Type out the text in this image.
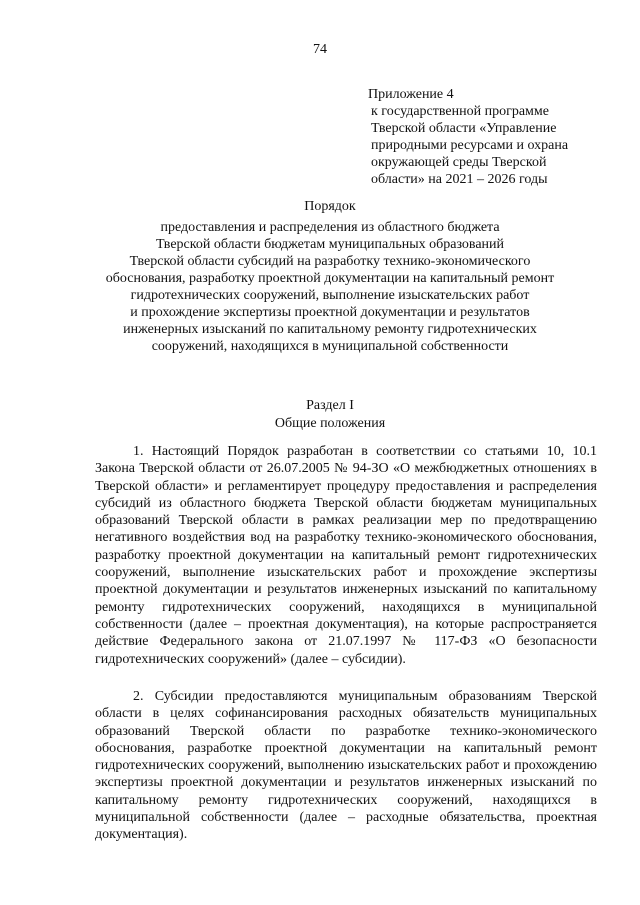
74
Приложение 4
к государственной программе
Тверской области «Управление
природными ресурсами и охрана
окружающей среды Тверской
области» на 2021 – 2026 годы
Порядок
предоставления и распределения из областного бюджета
Тверской области бюджетам муниципальных образований
Тверской области субсидий на разработку технико-экономического
обоснования, разработку проектной документации на капитальный ремонт
гидротехнических сооружений, выполнение изыскательских работ
и прохождение экспертизы проектной документации и результатов
инженерных изысканий по капитальному ремонту гидротехнических
сооружений, находящихся в муниципальной собственности
Раздел I
Общие положения

1. Настоящий Порядок разработан в соответствии со статьями 10, 10.1 Закона Тверской области от 26.07.2005 № 94-ЗО «О межбюджетных отношениях в Тверской области» и регламентирует процедуру предоставления и распределения субсидий из областного бюджета Тверской области бюджетам муниципальных образований Тверской области в рамках реализации мер по предотвращению негативного воздействия вод на разработку технико-экономического обоснования, разработку проектной документации на капитальный ремонт гидротехнических сооружений, выполнение изыскательских работ и прохождение экспертизы проектной документации и результатов инженерных изысканий по капитальному ремонту гидротехнических сооружений, находящихся в муниципальной собственности (далее – проектная документация), на которые распространяется действие Федерального закона от 21.07.1997 № 117-ФЗ «О безопасности гидротехнических сооружений» (далее – субсидии).

2. Субсидии предоставляются муниципальным образованиям Тверской области в целях софинансирования расходных обязательств муниципальных образований Тверской области по разработке технико-экономического обоснования, разработке проектной документации на капитальный ремонт гидротехнических сооружений, выполнению изыскательских работ и прохождению экспертизы проектной документации и результатов инженерных изысканий по капитальному ремонту гидротехнических сооружений, находящихся в муниципальной собственности (далее – расходные обязательства, проектная документация).
